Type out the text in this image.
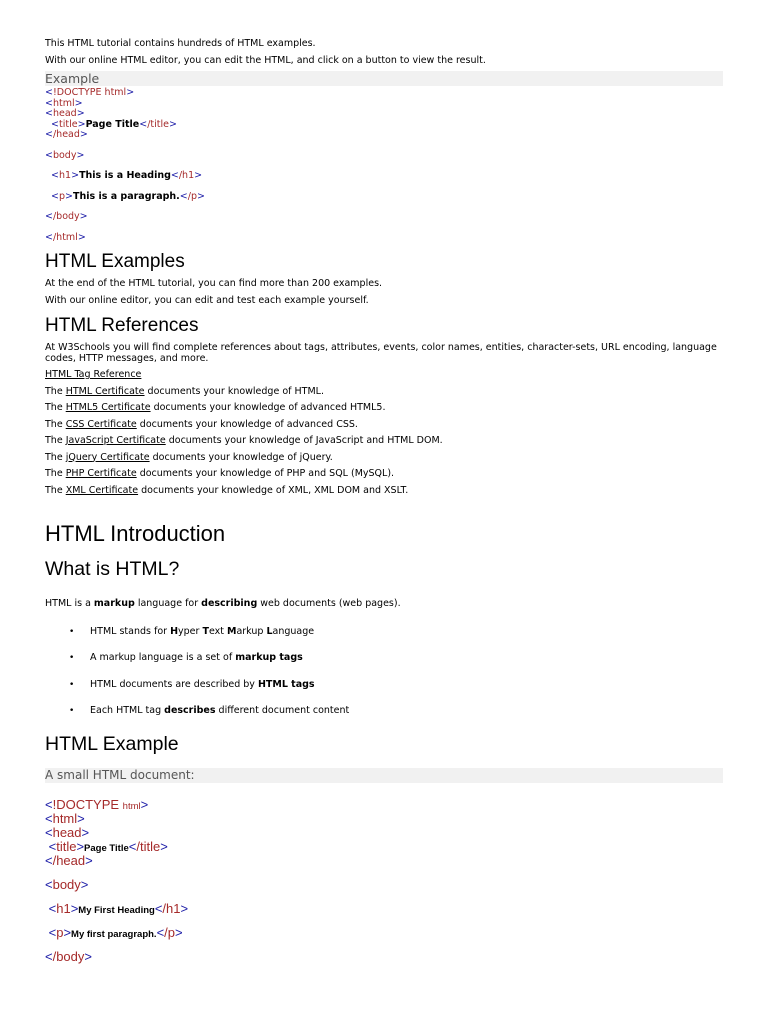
This HTML tutorial contains hundreds of HTML examples.

With our online HTML editor, you can edit the HTML, and click on a button to view the result.

Example
<!DOCTYPE html>
<html>
<head>
<title>Page Title</title>
</head>
<body>
<h1>This is a Heading</h1>
<p>This is a paragraph.</p>
</body>
</html>
HTML Examples

At the end of the HTML tutorial, you can find more than 200 examples.

With our online editor, you can edit and test each example yourself.

HTML References

At W3Schools you will find complete references about tags, attributes, events, color names, entities, character-sets, URL encoding, language codes, HTTP messages, and more.

HTML Tag Reference

The HTML Certificate documents your knowledge of HTML.

The HTML5 Certificate documents your knowledge of advanced HTML5.

The CSS Certificate documents your knowledge of advanced CSS.

The JavaScript Certificate documents your knowledge of JavaScript and HTML DOM.

The jQuery Certificate documents your knowledge of jQuery.

The PHP Certificate documents your knowledge of PHP and SQL (MySQL).

The XML Certificate documents your knowledge of XML, XML DOM and XSLT.

HTML Introduction
What is HTML?

HTML is a markup language for describing web documents (web pages).

• HTML stands for Hyper Text Markup Language
• A markup language is a set of markup tags
• HTML documents are described by HTML tags
• Each HTML tag describes different document content
HTML Example
A small HTML document:
<!DOCTYPE html>
<html>
<head>
<title>Page Title</title>
</head>
<body>
<h1>My First Heading</h1>
<p>My first paragraph.</p>
</body>
